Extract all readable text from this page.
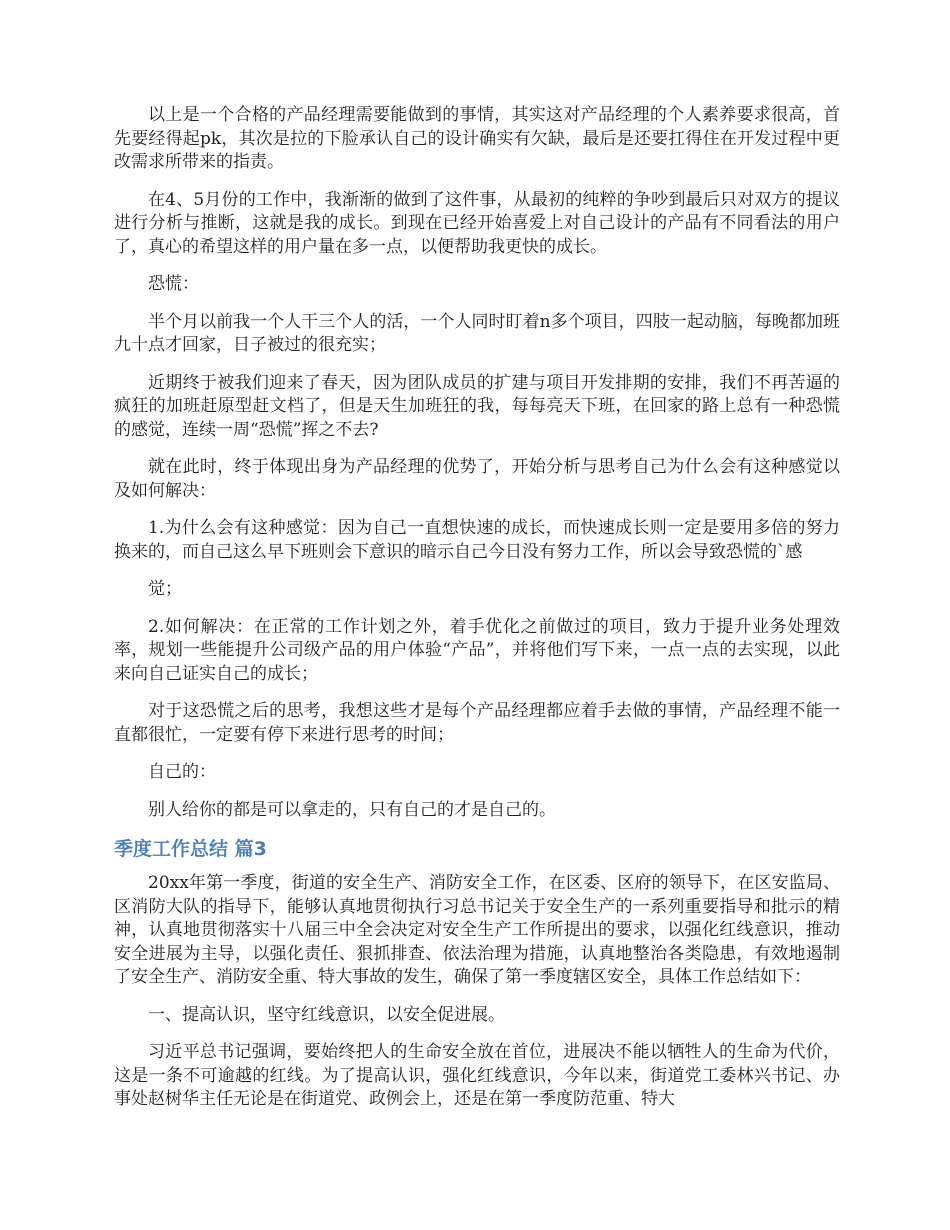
以上是一个合格的产品经理需要能做到的事情，其实这对产品经理的个人素养要求很高，首先要经得起pk，其次是拉的下脸承认自己的设计确实有欠缺，最后是还要扛得住在开发过程中更改需求所带来的指责。

在4、5月份的工作中，我渐渐的做到了这件事，从最初的纯粹的争吵到最后只对双方的提议进行分析与推断，这就是我的成长。到现在已经开始喜爱上对自己设计的产品有不同看法的用户了，真心的希望这样的用户量在多一点，以便帮助我更快的成长。

恐慌：

半个月以前我一个人干三个人的活，一个人同时盯着n多个项目，四肢一起动脑，每晚都加班九十点才回家，日子被过的很充实；

近期终于被我们迎来了春天，因为团队成员的扩建与项目开发排期的安排，我们不再苦逼的疯狂的加班赶原型赶文档了，但是天生加班狂的我，每每亮天下班，在回家的路上总有一种恐慌的感觉，连续一周“恐慌”挥之不去?

就在此时，终于体现出身为产品经理的优势了，开始分析与思考自己为什么会有这种感觉以及如何解决：

1.为什么会有这种感觉：因为自己一直想快速的成长，而快速成长则一定是要用多倍的努力换来的，而自己这么早下班则会下意识的暗示自己今日没有努力工作，所以会导致恐慌的`感

觉；

2.如何解决：在正常的工作计划之外，着手优化之前做过的项目，致力于提升业务处理效率，规划一些能提升公司级产品的用户体验“产品”，并将他们写下来，一点一点的去实现，以此来向自己证实自己的成长；

对于这恐慌之后的思考，我想这些才是每个产品经理都应着手去做的事情，产品经理不能一直都很忙，一定要有停下来进行思考的时间；

自己的：

别人给你的都是可以拿走的，只有自己的才是自己的。

季度工作总结 篇3

20xx年第一季度，街道的安全生产、消防安全工作，在区委、区府的领导下，在区安监局、区消防大队的指导下，能够认真地贯彻执行习总书记关于安全生产的一系列重要指导和批示的精神，认真地贯彻落实十八届三中全会决定对安全生产工作所提出的要求，以强化红线意识，推动安全进展为主导，以强化责任、狠抓排查、依法治理为措施，认真地整治各类隐患，有效地遏制了安全生产、消防安全重、特大事故的发生，确保了第一季度辖区安全，具体工作总结如下：

一、提高认识，坚守红线意识，以安全促进展。

习近平总书记强调，要始终把人的生命安全放在首位，进展决不能以牺牲人的生命为代价，这是一条不可逾越的红线。为了提高认识，强化红线意识，今年以来，街道党工委林兴书记、办事处赵树华主任无论是在街道党、政例会上，还是在第一季度防范重、特大
